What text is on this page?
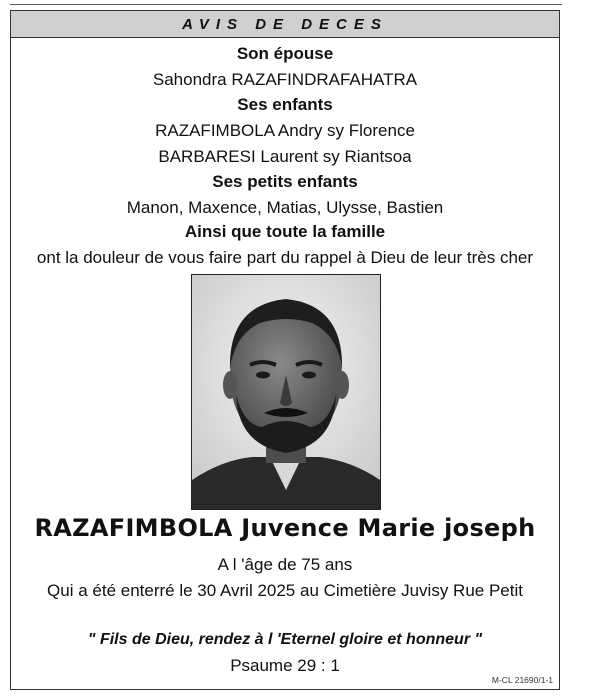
AVIS DE DECES
Son épouse
Sahondra RAZAFINDRAFAHATRA
Ses enfants
RAZAFIMBOLA Andry sy Florence
BARBARESI Laurent sy Riantsoa
Ses petits enfants
Manon, Maxence, Matias, Ulysse, Bastien
Ainsi que toute la famille
ont la douleur de vous faire part du rappel à Dieu de leur très cher
RAZAFIMBOLA Juvence Marie joseph
A l 'âge de 75 ans
Qui a été enterré le 30 Avril 2025 au Cimetière Juvisy Rue Petit
" Fils de Dieu, rendez à l 'Eternel gloire et honneur "
Psaume 29 : 1
M-CL 21690/1-1
